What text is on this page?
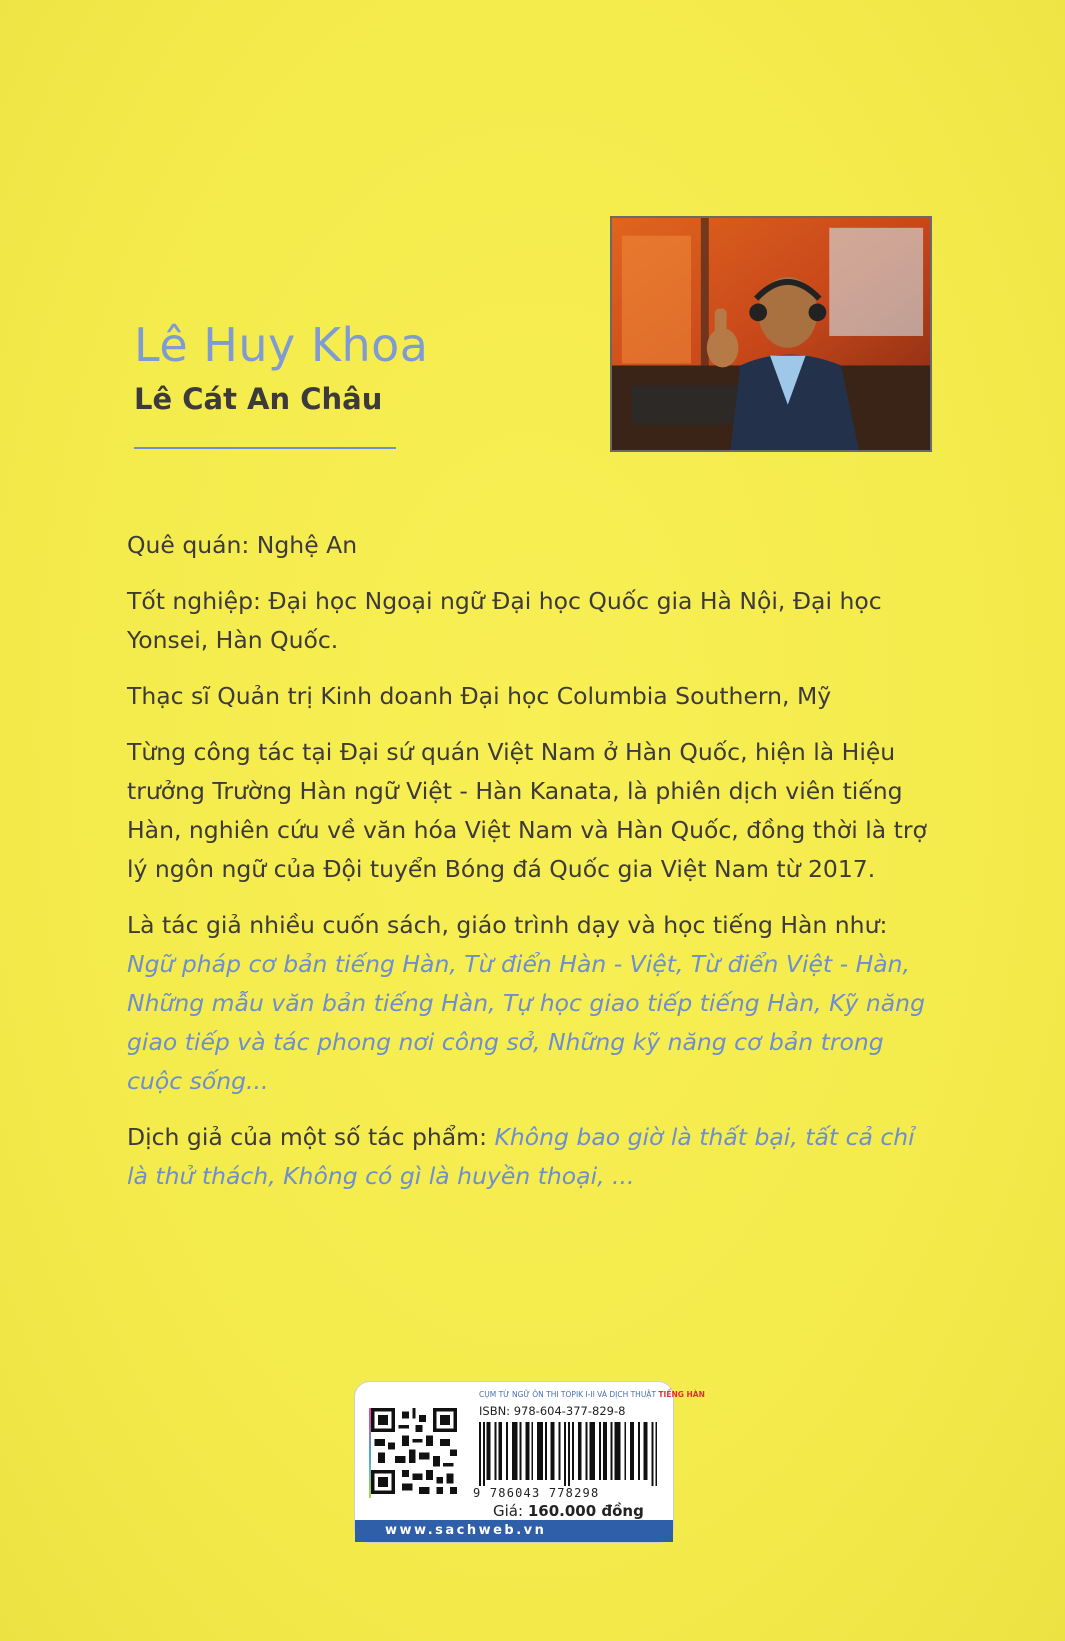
Lê Huy Khoa
Lê Cát An Châu

Quê quán: Nghệ An

Tốt nghiệp: Đại học Ngoại ngữ Đại học Quốc gia Hà Nội, Đại học Yonsei, Hàn Quốc.

Thạc sĩ Quản trị Kinh doanh Đại học Columbia Southern, Mỹ

Từng công tác tại Đại sứ quán Việt Nam ở Hàn Quốc, hiện là Hiệu trưởng Trường Hàn ngữ Việt - Hàn Kanata, là phiên dịch viên tiếng Hàn, nghiên cứu về văn hóa Việt Nam và Hàn Quốc, đồng thời là trợ lý ngôn ngữ của Đội tuyển Bóng đá Quốc gia Việt Nam từ 2017.

Là tác giả nhiều cuốn sách, giáo trình dạy và học tiếng Hàn như: Ngữ pháp cơ bản tiếng Hàn, Từ điển Hàn - Việt, Từ điển Việt - Hàn, Những mẫu văn bản tiếng Hàn, Tự học giao tiếp tiếng Hàn, Kỹ năng giao tiếp và tác phong nơi công sở, Những kỹ năng cơ bản trong cuộc sống...

Dịch giả của một số tác phẩm: Không bao giờ là thất bại, tất cả chỉ là thử thách, Không có gì là huyền thoại, ...

CỤM TỪ NGỮ ÔN THI TOPIK I-II VÀ DỊCH THUẬT TIẾNG HÀN
ISBN: 978-604-377-829-8
9 786043 778298
Giá: 160.000 đồng
www.sachweb.vn
